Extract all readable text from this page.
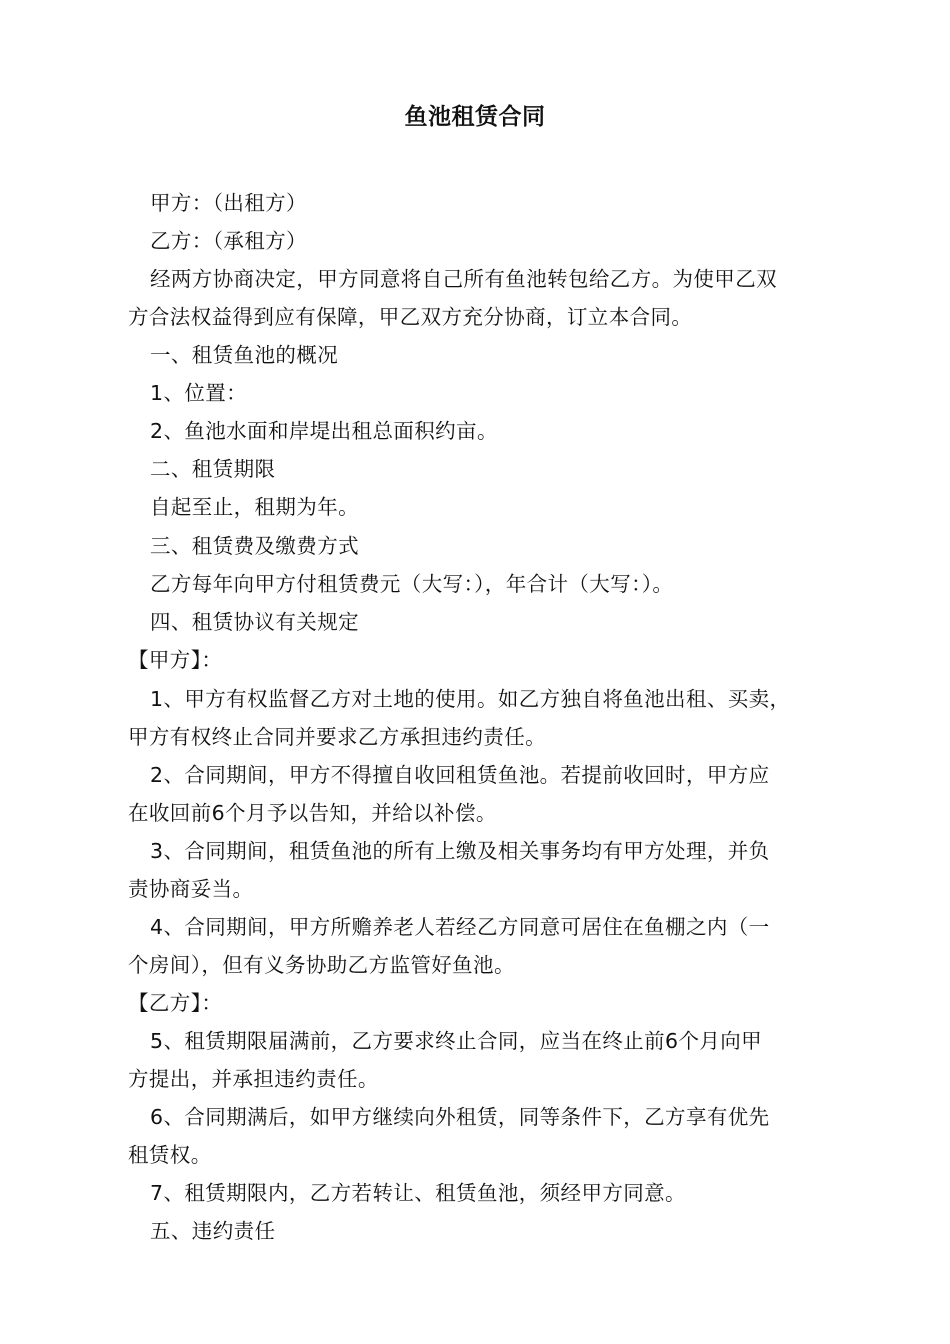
鱼池租赁合同
甲方：（出租方）
乙方：（承租方）
经两方协商决定，甲方同意将自己所有鱼池转包给乙方。为使甲乙双
方合法权益得到应有保障，甲乙双方充分协商，订立本合同。
一、租赁鱼池的概况
1、位置：
2、鱼池水面和岸堤出租总面积约亩。
二、租赁期限
自起至止，租期为年。
三、租赁费及缴费方式
乙方每年向甲方付租赁费元（大写：），年合计（大写：）。
四、租赁协议有关规定
【甲方】：
1、甲方有权监督乙方对土地的使用。如乙方独自将鱼池出租、买卖，
甲方有权终止合同并要求乙方承担违约责任。
2、合同期间，甲方不得擅自收回租赁鱼池。若提前收回时，甲方应
在收回前6个月予以告知，并给以补偿。
3、合同期间，租赁鱼池的所有上缴及相关事务均有甲方处理，并负
责协商妥当。
4、合同期间，甲方所赡养老人若经乙方同意可居住在鱼棚之内（一
个房间），但有义务协助乙方监管好鱼池。
【乙方】：
5、租赁期限届满前，乙方要求终止合同，应当在终止前6个月向甲
方提出，并承担违约责任。
6、合同期满后，如甲方继续向外租赁，同等条件下，乙方享有优先
租赁权。
7、租赁期限内，乙方若转让、租赁鱼池，须经甲方同意。
五、违约责任
